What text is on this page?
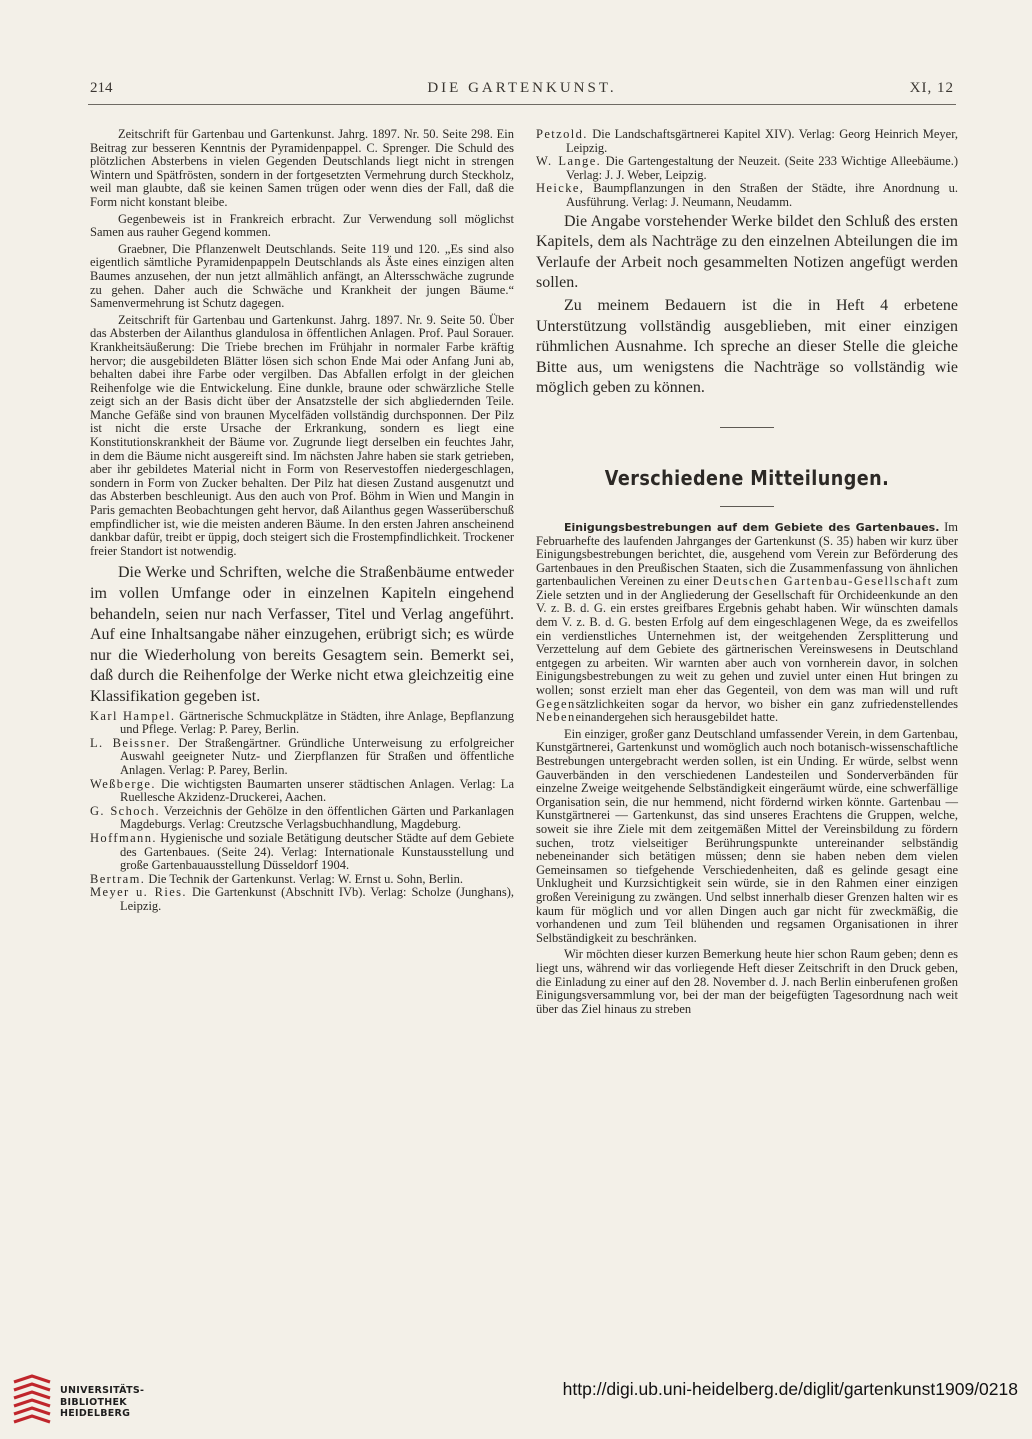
214	DIE GARTENKUNST.	XI, 12

Zeitschrift für Gartenbau und Gartenkunst. Jahrg. 1897. Nr. 50. Seite 298. Ein Beitrag zur besseren Kenntnis der Pyramidenpappel. C. Sprenger. Die Schuld des plötzlichen Absterbens in vielen Gegenden Deutschlands liegt nicht in strengen Wintern und Spätfrösten, sondern in der fortgesetzten Vermehrung durch Steckholz, weil man glaubte, daß sie keinen Samen trügen oder wenn dies der Fall, daß die Form nicht konstant bleibe.

Gegenbeweis ist in Frankreich erbracht. Zur Verwendung soll möglichst Samen aus rauher Gegend kommen.

Graebner, Die Pflanzenwelt Deutschlands. Seite 119 und 120. „Es sind also eigentlich sämtliche Pyramidenpappeln Deutschlands als Äste eines einzigen alten Baumes anzusehen, der nun jetzt allmählich anfängt, an Altersschwäche zugrunde zu gehen. Daher auch die Schwäche und Krankheit der jungen Bäume.“ Samenvermehrung ist Schutz dagegen.

Zeitschrift für Gartenbau und Gartenkunst. Jahrg. 1897. Nr. 9. Seite 50. Über das Absterben der Ailanthus glandulosa in öffentlichen Anlagen. Prof. Paul Sorauer. Krankheitsäußerung: Die Triebe brechen im Frühjahr in normaler Farbe kräftig hervor; die ausgebildeten Blätter lösen sich schon Ende Mai oder Anfang Juni ab, behalten dabei ihre Farbe oder vergilben. Das Abfallen erfolgt in der gleichen Reihenfolge wie die Entwickelung. Eine dunkle, braune oder schwärzliche Stelle zeigt sich an der Basis dicht über der Ansatzstelle der sich abgliedernden Teile. Manche Gefäße sind von braunen Mycelfäden vollständig durchsponnen. Der Pilz ist nicht die erste Ursache der Erkrankung, sondern es liegt eine Konstitutionskrankheit der Bäume vor. Zugrunde liegt derselben ein feuchtes Jahr, in dem die Bäume nicht ausgereift sind. Im nächsten Jahre haben sie stark getrieben, aber ihr gebildetes Material nicht in Form von Reservestoffen niedergeschlagen, sondern in Form von Zucker behalten. Der Pilz hat diesen Zustand ausgenutzt und das Absterben beschleunigt. Aus den auch von Prof. Böhm in Wien und Mangin in Paris gemachten Beobachtungen geht hervor, daß Ailanthus gegen Wasserüberschuß empfindlicher ist, wie die meisten anderen Bäume. In den ersten Jahren anscheinend dankbar dafür, treibt er üppig, doch steigert sich die Frostempfindlichkeit. Trockener freier Standort ist notwendig.

Die Werke und Schriften, welche die Straßenbäume entweder im vollen Umfange oder in einzelnen Kapiteln eingehend behandeln, seien nur nach Verfasser, Titel und Verlag angeführt. Auf eine Inhaltsangabe näher einzugehen, erübrigt sich; es würde nur die Wiederholung von bereits Gesagtem sein. Bemerkt sei, daß durch die Reihenfolge der Werke nicht etwa gleichzeitig eine Klassifikation gegeben ist.

Karl Hampel. Gärtnerische Schmuckplätze in Städten, ihre Anlage, Bepflanzung und Pflege. Verlag: P. Parey, Berlin.

L. Beissner. Der Straßengärtner. Gründliche Unterweisung zu erfolgreicher Auswahl geeigneter Nutz- und Zierpflanzen für Straßen und öffentliche Anlagen. Verlag: P. Parey, Berlin.

Weßberge. Die wichtigsten Baumarten unserer städtischen Anlagen. Verlag: La Ruellesche Akzidenz-Druckerei, Aachen.

G. Schoch. Verzeichnis der Gehölze in den öffentlichen Gärten und Parkanlagen Magdeburgs. Verlag: Creutzsche Verlagsbuchhandlung, Magdeburg.

Hoffmann. Hygienische und soziale Betätigung deutscher Städte auf dem Gebiete des Gartenbaues. (Seite 24). Verlag: Internationale Kunstausstellung und große Gartenbauausstellung Düsseldorf 1904.

Bertram. Die Technik der Gartenkunst. Verlag: W. Ernst u. Sohn, Berlin.

Meyer u. Ries. Die Gartenkunst (Abschnitt IVb). Verlag: Scholze (Junghans), Leipzig.

Petzold. Die Landschaftsgärtnerei Kapitel XIV). Verlag: Georg Heinrich Meyer, Leipzig.

W. Lange. Die Gartengestaltung der Neuzeit. (Seite 233 Wichtige Alleebäume.) Verlag: J. J. Weber, Leipzig.

Heicke, Baumpflanzungen in den Straßen der Städte, ihre Anordnung u. Ausführung. Verlag: J. Neumann, Neudamm.

Die Angabe vorstehender Werke bildet den Schluß des ersten Kapitels, dem als Nachträge zu den einzelnen Abteilungen die im Verlaufe der Arbeit noch gesammelten Notizen angefügt werden sollen.

Zu meinem Bedauern ist die in Heft 4 erbetene Unterstützung vollständig ausgeblieben, mit einer einzigen rühmlichen Ausnahme. Ich spreche an dieser Stelle die gleiche Bitte aus, um wenigstens die Nachträge so vollständig wie möglich geben zu können.

Verschiedene Mitteilungen.

Einigungsbestrebungen auf dem Gebiete des Gartenbaues. Im Februarhefte des laufenden Jahrganges der Gartenkunst (S. 35) haben wir kurz über Einigungsbestrebungen berichtet, die, ausgehend vom Verein zur Beförderung des Gartenbaues in den Preußischen Staaten, sich die Zusammenfassung von ähnlichen gartenbaulichen Vereinen zu einer Deutschen Gartenbau-Gesellschaft zum Ziele setzten und in der Angliederung der Gesellschaft für Orchideenkunde an den V. z. B. d. G. ein erstes greifbares Ergebnis gehabt haben. Wir wünschten damals dem V. z. B. d. G. besten Erfolg auf dem eingeschlagenen Wege, da es zweifellos ein verdienstliches Unternehmen ist, der weitgehenden Zersplitterung und Verzettelung auf dem Gebiete des gärtnerischen Vereinswesens in Deutschland entgegen zu arbeiten. Wir warnten aber auch von vornherein davor, in solchen Einigungsbestrebungen zu weit zu gehen und zuviel unter einen Hut bringen zu wollen; sonst erzielt man eher das Gegenteil, von dem was man will und ruft Gegensätzlichkeiten sogar da hervor, wo bisher ein ganz zufriedenstellendes Nebeneinandergehen sich herausgebildet hatte.

Ein einziger, großer ganz Deutschland umfassender Verein, in dem Gartenbau, Kunstgärtnerei, Gartenkunst und womöglich auch noch botanisch-wissenschaftliche Bestrebungen untergebracht werden sollen, ist ein Unding. Er würde, selbst wenn Gauverbänden in den verschiedenen Landesteilen und Sonderverbänden für einzelne Zweige weitgehende Selbständigkeit eingeräumt würde, eine schwerfällige Organisation sein, die nur hemmend, nicht fördernd wirken könnte. Gartenbau — Kunstgärtnerei — Gartenkunst, das sind unseres Erachtens die Gruppen, welche, soweit sie ihre Ziele mit dem zeitgemäßen Mittel der Vereinsbildung zu fördern suchen, trotz vielseitiger Berührungspunkte untereinander selbständig nebeneinander sich betätigen müssen; denn sie haben neben dem vielen Gemeinsamen so tiefgehende Verschiedenheiten, daß es gelinde gesagt eine Unklugheit und Kurzsichtigkeit sein würde, sie in den Rahmen einer einzigen großen Vereinigung zu zwängen. Und selbst innerhalb dieser Grenzen halten wir es kaum für möglich und vor allen Dingen auch gar nicht für zweckmäßig, die vorhandenen und zum Teil blühenden und regsamen Organisationen in ihrer Selbständigkeit zu beschränken.

Wir möchten dieser kurzen Bemerkung heute hier schon Raum geben; denn es liegt uns, während wir das vorliegende Heft dieser Zeitschrift in den Druck geben, die Einladung zu einer auf den 28. November d. J. nach Berlin einberufenen großen Einigungsversammlung vor, bei der man der beigefügten Tagesordnung nach weit über das Ziel hinaus zu streben

UNIVERSITÄTS-
BIBLIOTHEK
HEIDELBERG
http://digi.ub.uni-heidelberg.de/diglit/gartenkunst1909/0218
